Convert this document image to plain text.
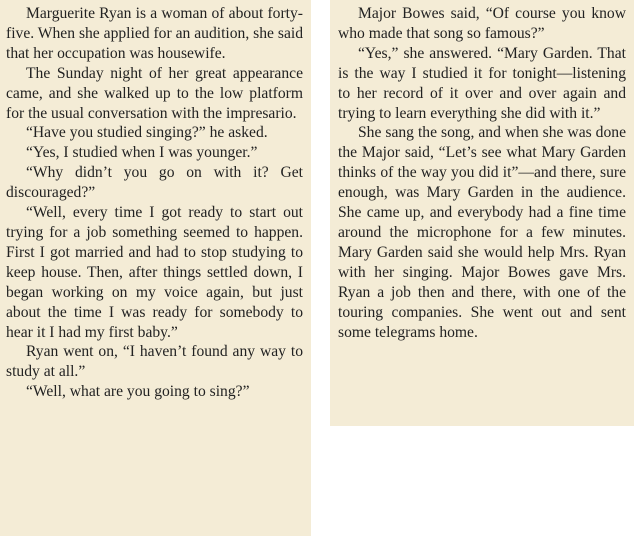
Marguerite Ryan is a woman of about forty-five. When she applied for an audition, she said that her occupation was housewife.

The Sunday night of her great appearance came, and she walked up to the low platform for the usual conversation with the impresario.

“Have you studied singing?” he asked.

“Yes, I studied when I was younger.”

“Why didn’t you go on with it? Get discouraged?”

“Well, every time I got ready to start out trying for a job something seemed to happen. First I got married and had to stop studying to keep house. Then, after things settled down, I began working on my voice again, but just about the time I was ready for somebody to hear it I had my first baby.”

Ryan went on, “I haven’t found any way to study at all.”

“Well, what are you going to sing?”

Major Bowes said, “Of course you know who made that song so famous?”

“Yes,” she answered. “Mary Garden. That is the way I studied it for tonight—listening to her record of it over and over again and trying to learn everything she did with it.”

She sang the song, and when she was done the Major said, “Let’s see what Mary Garden thinks of the way you did it”—and there, sure enough, was Mary Garden in the audience. She came up, and everybody had a fine time around the microphone for a few minutes. Mary Garden said she would help Mrs. Ryan with her singing. Major Bowes gave Mrs. Ryan a job then and there, with one of the touring companies. She went out and sent some telegrams home.
